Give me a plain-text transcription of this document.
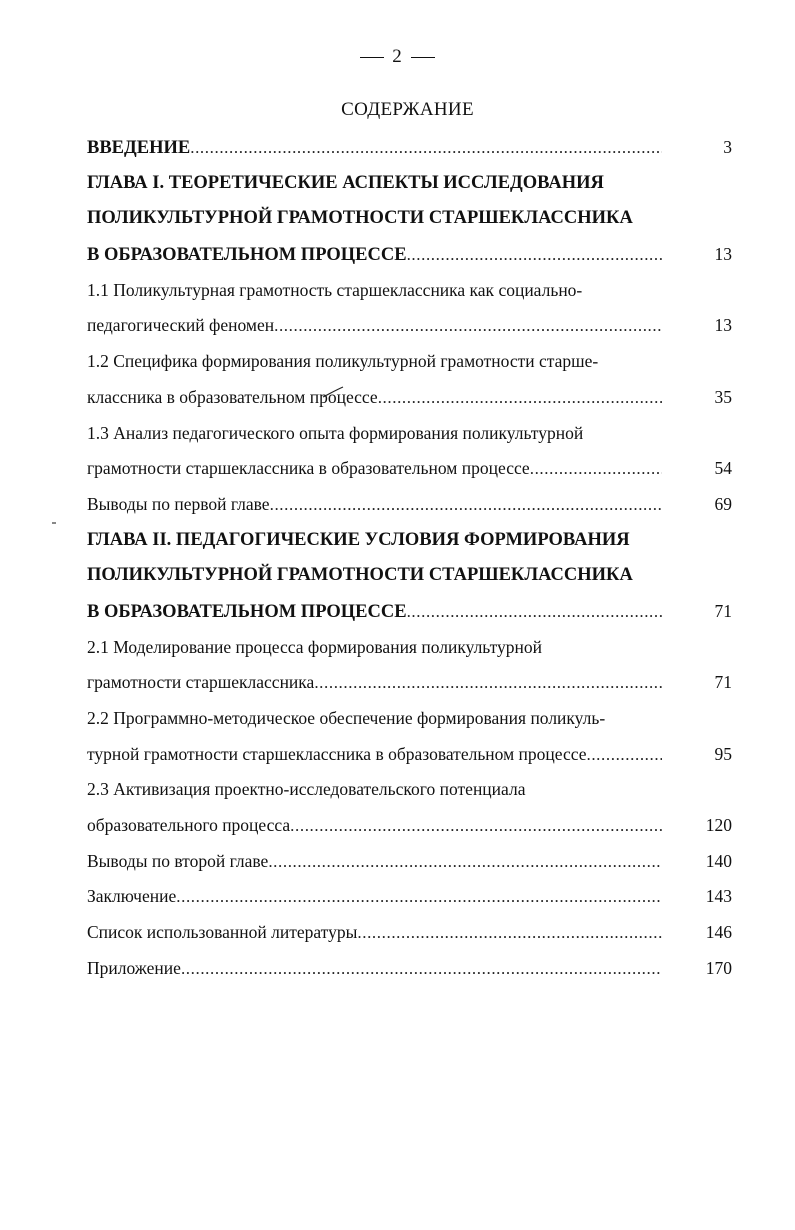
2
СОДЕРЖАНИЕ
ВВЕДЕНИЕ .....	3
ГЛАВА I. ТЕОРЕТИЧЕСКИЕ АСПЕКТЫ ИССЛЕДОВАНИЯ
ПОЛИКУЛЬТУРНОЙ ГРАМОТНОСТИ СТАРШЕКЛАССНИКА
В ОБРАЗОВАТЕЛЬНОМ ПРОЦЕССЕ .....	13
1.1 Поликультурная грамотность старшеклассника как социально-
педагогический феномен .....	13
1.2 Специфика формирования поликультурной грамотности старше-
классника в образовательном процессе .....	35
1.3 Анализ педагогического опыта формирования поликультурной
грамотности старшеклассника в образовательном процессе .....	54
Выводы по первой главе .....	69
ГЛАВА II. ПЕДАГОГИЧЕСКИЕ УСЛОВИЯ ФОРМИРОВАНИЯ
ПОЛИКУЛЬТУРНОЙ ГРАМОТНОСТИ СТАРШЕКЛАССНИКА
В ОБРАЗОВАТЕЛЬНОМ ПРОЦЕССЕ .....	71
2.1 Моделирование процесса формирования поликультурной
грамотности старшеклассника .....	71
2.2 Программно-методическое обеспечение формирования поликуль-
турной грамотности старшеклассника в образовательном процессе .....	95
2.3 Активизация проектно-исследовательского потенциала
образовательного процесса .....	120
Выводы по второй главе .....	140
Заключение .....	143
Список использованной литературы .....	146
Приложение .....	170
